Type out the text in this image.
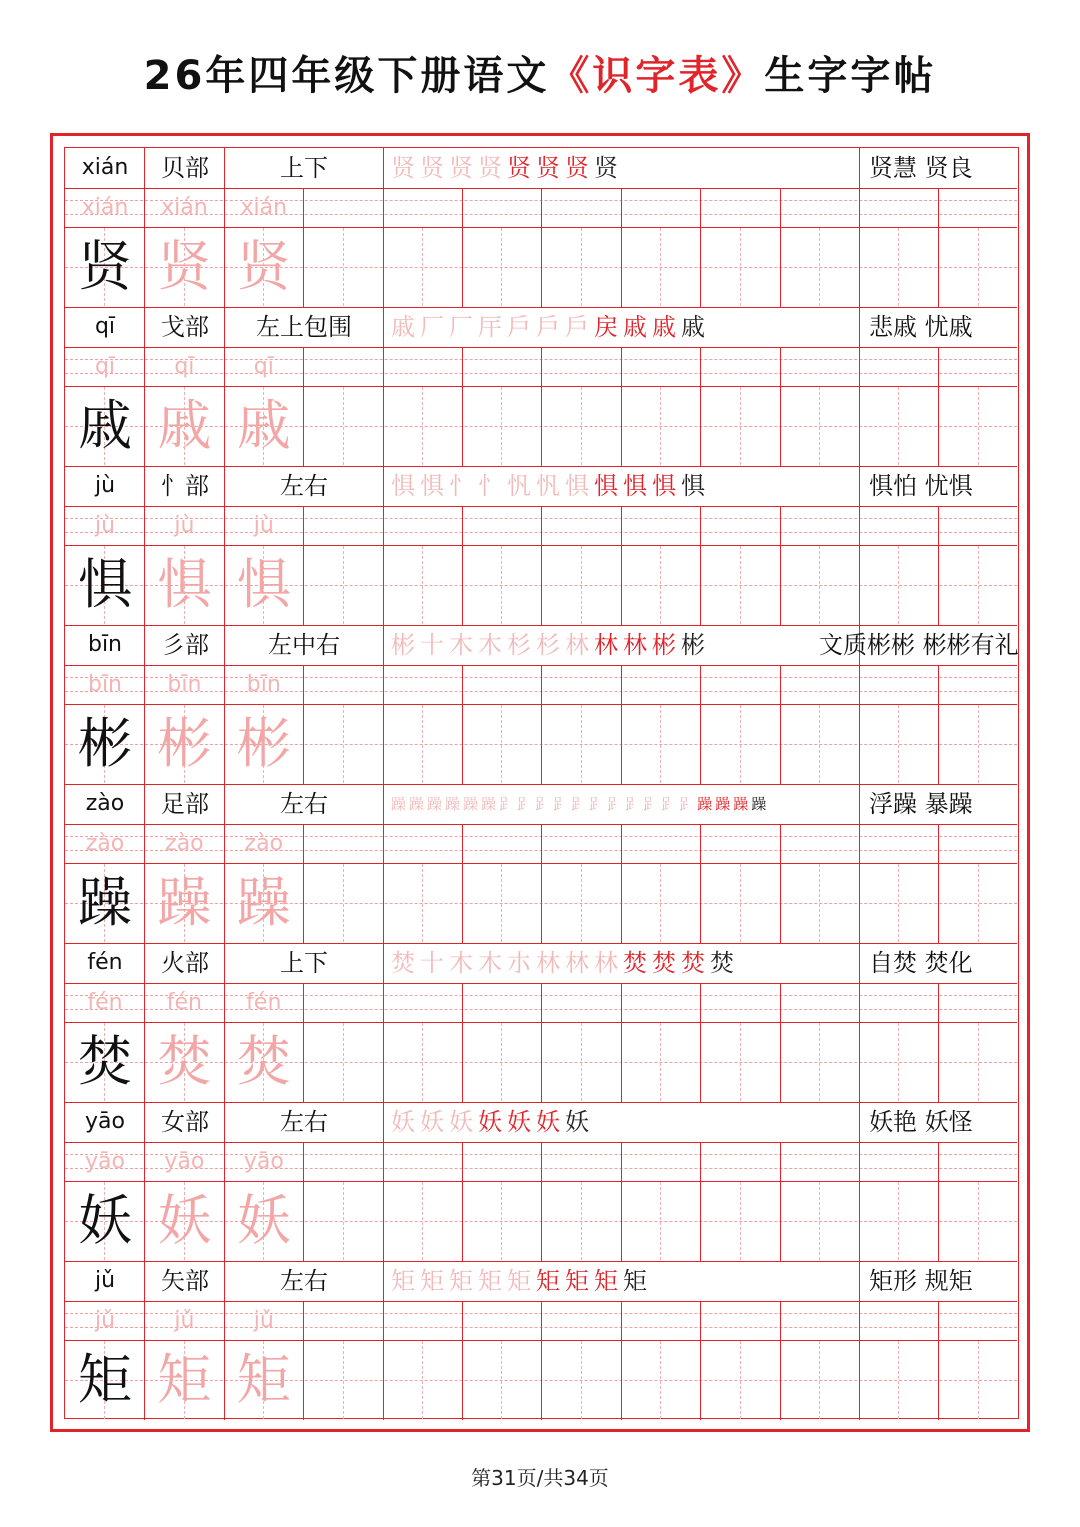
26年四年级下册语文《识字表》生字字帖
xián	贝部	上下	贤 贤 贤 贤 贤 贤 贤 贤	贤慧 贤良
xián	xián	xián
贤 贤 贤
qī	戈部	左上包围	戚 厂 厂 厈 戶 戶 戶 戻 戚 戚 戚	悲戚 忧戚
qī	qī	qī
戚 戚 戚
jù	忄部	左右	惧 惧 忄 忄 忛 忛 惧 惧 惧 惧 惧	惧怕 忧惧
jù	jù	jù
惧 惧 惧
bīn	彡部	左中右	彬 十 木 木 杉 杉 林 林 林 彬 彬	文质彬彬 彬彬有礼
bīn	bīn	bīn
彬 彬 彬
zào	足部	左右	躁 躁 躁 躁 躁 躁 𧾷 𧾷 𧾷 𧾷 𧾷 𧾷 𧾷 𧾷 𧾷 𧾷 𧾷 躁 躁 躁 躁	浮躁 暴躁
zào	zào	zào
躁 躁 躁
fén	火部	上下	焚 十 木 木 朩 林 林 林 焚 焚 焚 焚	自焚 焚化
fén	fén	fén
焚 焚 焚
yāo	女部	左右	妖 妖 妖 妖 妖 妖 妖	妖艳 妖怪
yāo	yāo	yāo
妖 妖 妖
jǔ	矢部	左右	矩 矩 矩 矩 矩 矩 矩 矩 矩	矩形 规矩
jǔ	jǔ	jǔ
矩 矩 矩
第31页/共34页
